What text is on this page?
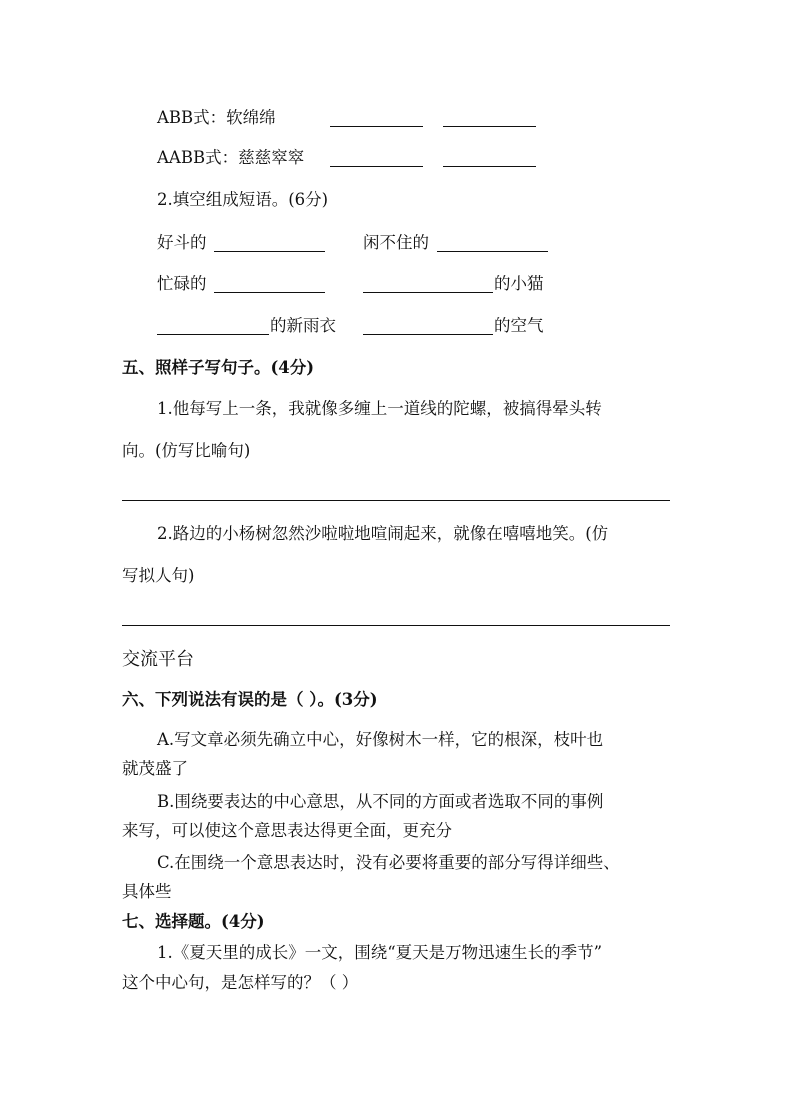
ABB式：软绵绵
AABB式：慈慈窣窣
2.填空组成短语。(6分)
好斗的	闲不住的
忙碌的	的小猫
的新雨衣	的空气
五、照样子写句子。(4分)
1.他每写上一条，我就像多缠上一道线的陀螺，被搞得晕头转
向。(仿写比喻句)
2.路边的小杨树忽然沙啦啦地喧闹起来，就像在嘻嘻地笑。(仿
写拟人句)
交流平台
六、下列说法有误的是（ ）。(3分)
A.写文章必须先确立中心，好像树木一样，它的根深，枝叶也
就茂盛了
B.围绕要表达的中心意思，从不同的方面或者选取不同的事例
来写，可以使这个意思表达得更全面，更充分
C.在围绕一个意思表达时，没有必要将重要的部分写得详细些、
具体些
七、选择题。(4分)
1.《夏天里的成长》一文，围绕“夏天是万物迅速生长的季节”
这个中心句，是怎样写的？（ ）
